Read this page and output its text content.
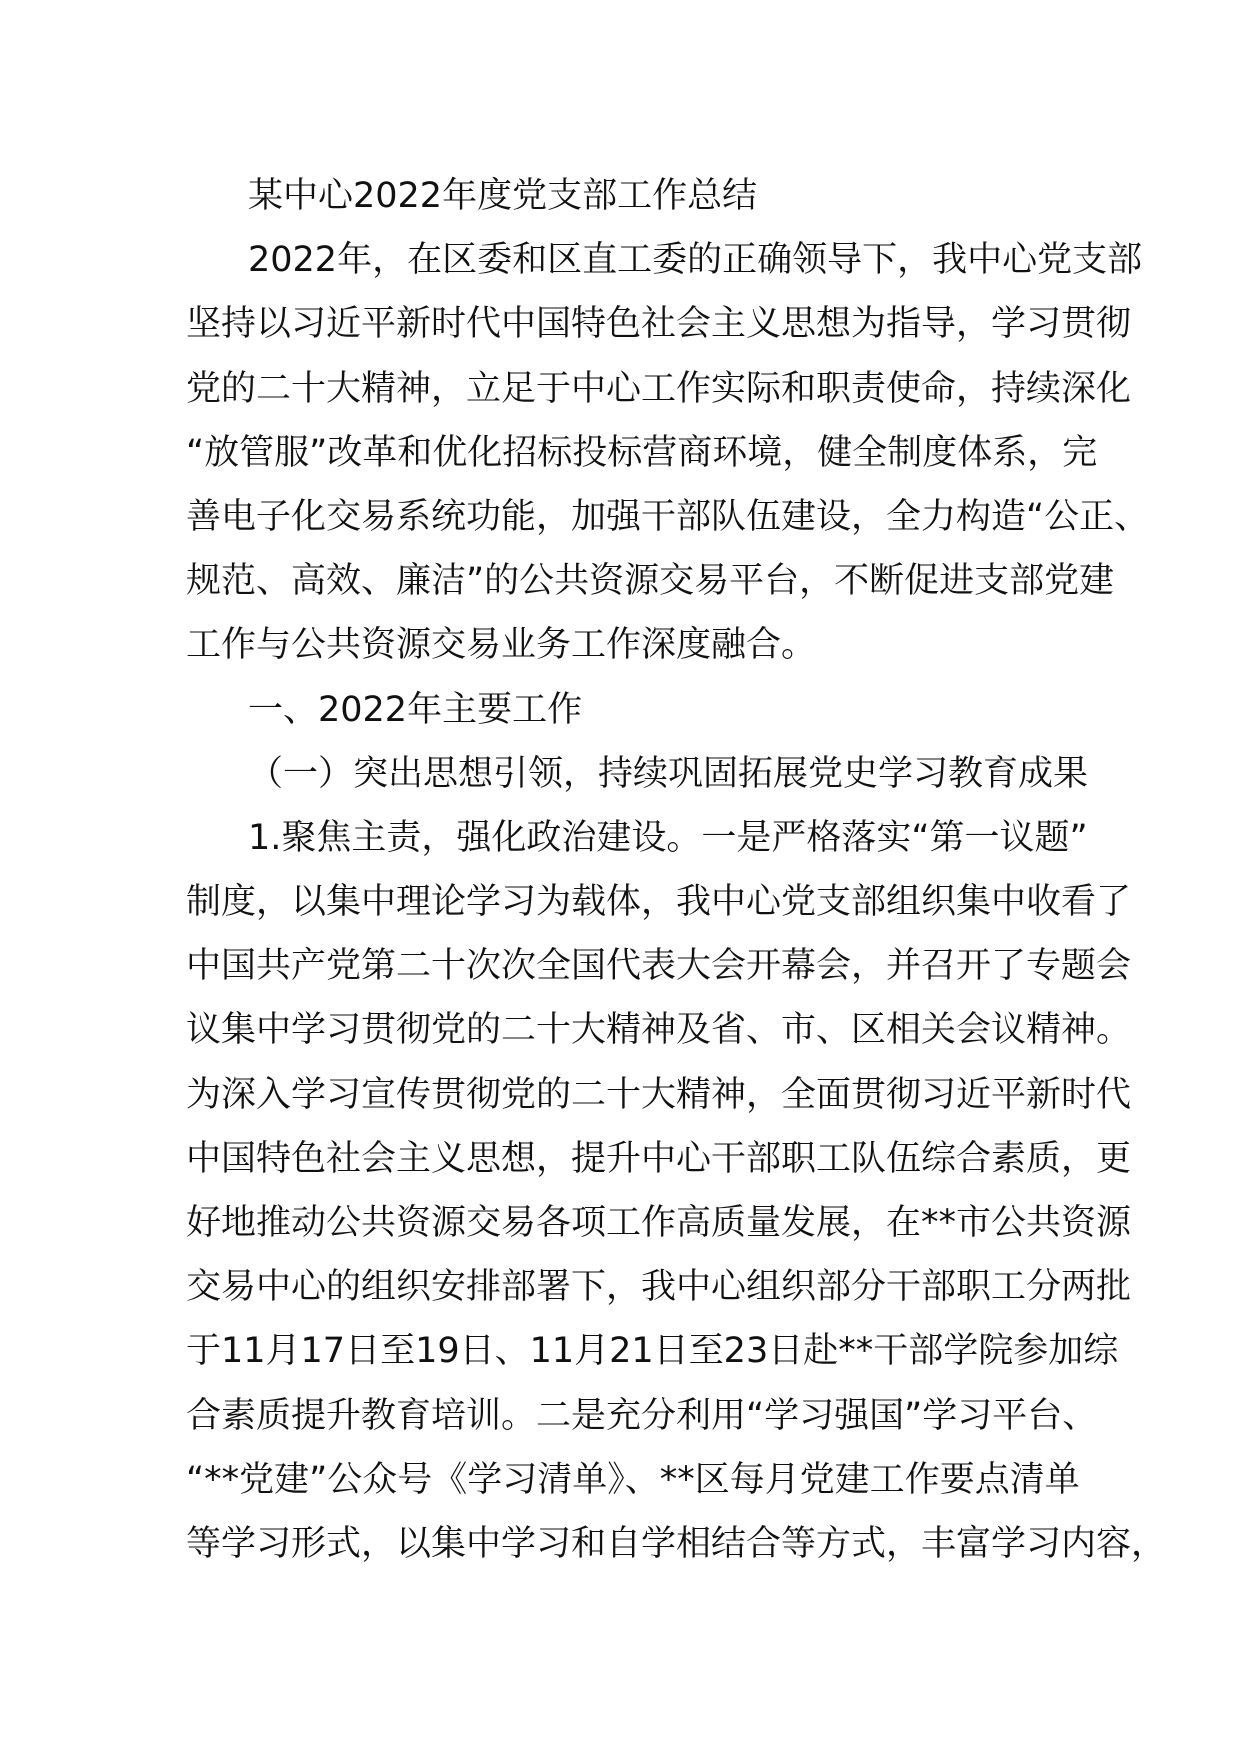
某中心2022年度党支部工作总结
2022年，在区委和区直工委的正确领导下，我中心党支部
坚持以习近平新时代中国特色社会主义思想为指导，学习贯彻
党的二十大精神，立足于中心工作实际和职责使命，持续深化
“放管服”改革和优化招标投标营商环境，健全制度体系，完
善电子化交易系统功能，加强干部队伍建设，全力构造“公正、
规范、高效、廉洁”的公共资源交易平台，不断促进支部党建
工作与公共资源交易业务工作深度融合。
一、2022年主要工作
（一）突出思想引领，持续巩固拓展党史学习教育成果
1.聚焦主责，强化政治建设。一是严格落实“第一议题”
制度，以集中理论学习为载体，我中心党支部组织集中收看了
中国共产党第二十次次全国代表大会开幕会，并召开了专题会
议集中学习贯彻党的二十大精神及省、市、区相关会议精神。
为深入学习宣传贯彻党的二十大精神，全面贯彻习近平新时代
中国特色社会主义思想，提升中心干部职工队伍综合素质，更
好地推动公共资源交易各项工作高质量发展，在**市公共资源
交易中心的组织安排部署下，我中心组织部分干部职工分两批
于11月17日至19日、11月21日至23日赴**干部学院参加综
合素质提升教育培训。二是充分利用“学习强国”学习平台、
“**党建”公众号《学习清单》、**区每月党建工作要点清单
等学习形式，以集中学习和自学相结合等方式，丰富学习内容，
